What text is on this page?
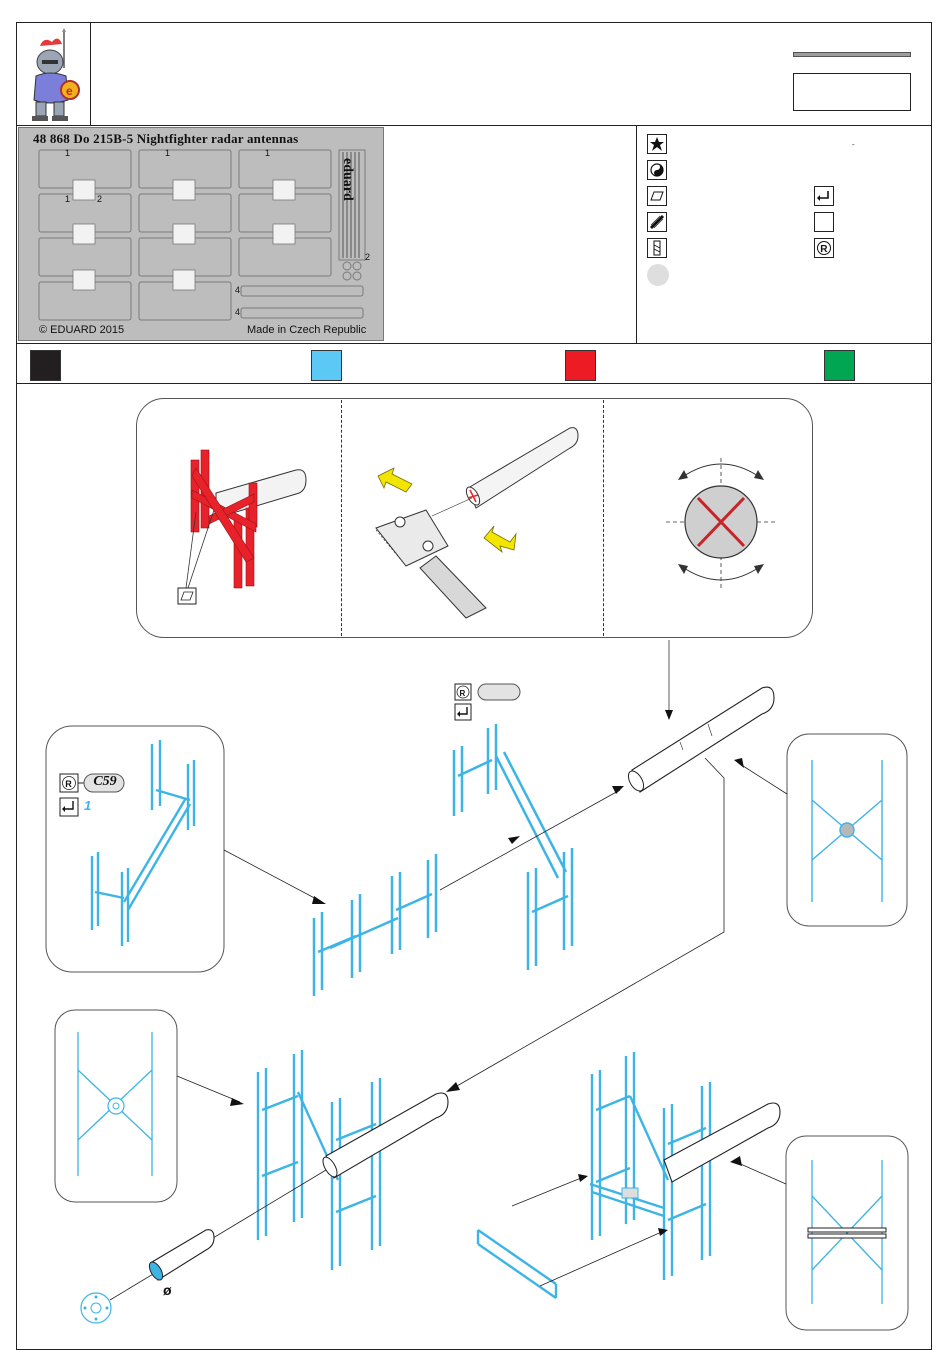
e
48 868 Do 215B-5 Nightfighter radar antennas
1	1	1
1	2
2
4
4
eduard
© EDUARD 2015	Made in Czech Republic
ˉ
R
R
R	C59
1
ø
